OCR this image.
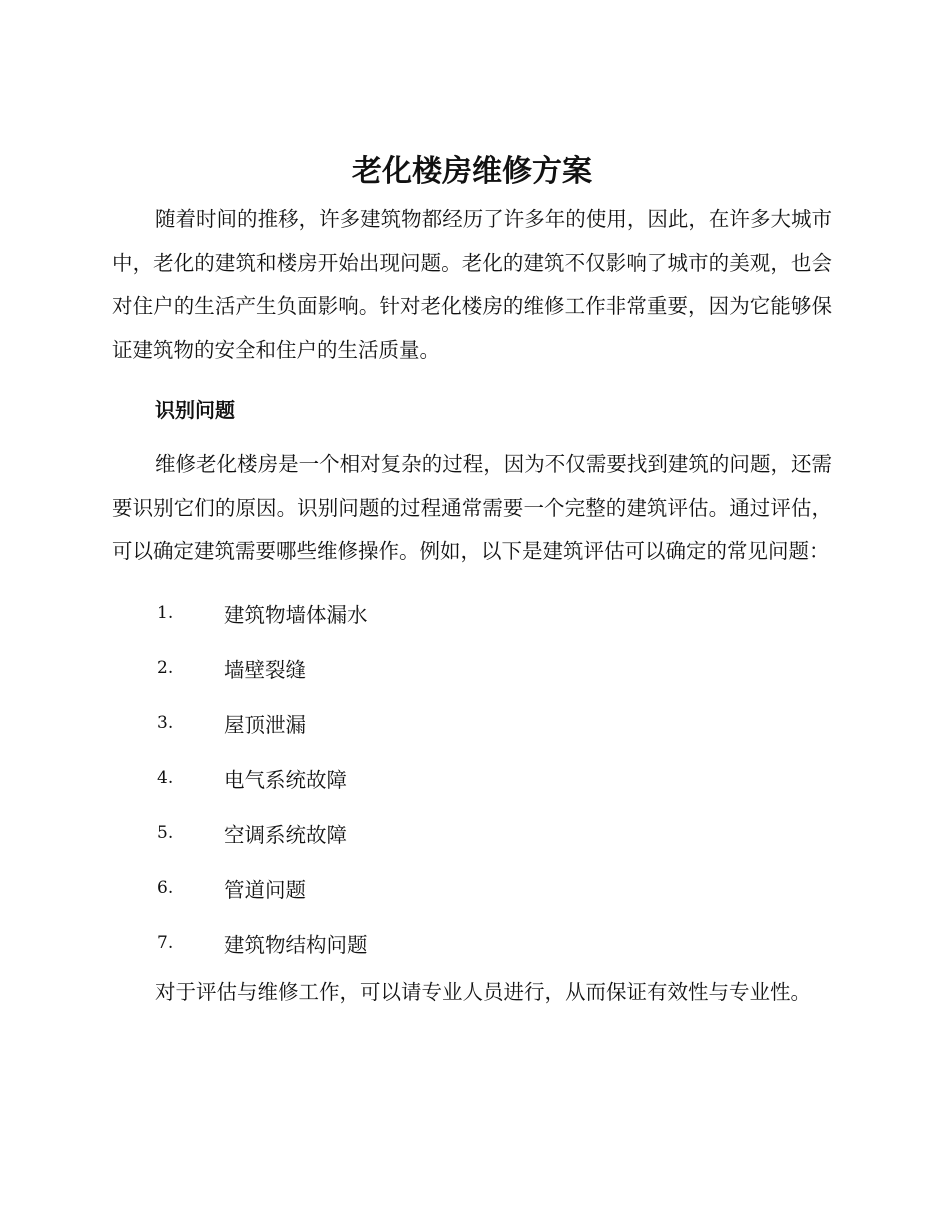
老化楼房维修方案

随着时间的推移，许多建筑物都经历了许多年的使用，因此，在许多大城市中，老化的建筑和楼房开始出现问题。老化的建筑不仅影响了城市的美观，也会对住户的生活产生负面影响。针对老化楼房的维修工作非常重要，因为它能够保证建筑物的安全和住户的生活质量。

识别问题

维修老化楼房是一个相对复杂的过程，因为不仅需要找到建筑的问题，还需要识别它们的原因。识别问题的过程通常需要一个完整的建筑评估。通过评估，可以确定建筑需要哪些维修操作。例如，以下是建筑评估可以确定的常见问题：

1.	建筑物墙体漏水
2.	墙壁裂缝
3.	屋顶泄漏
4.	电气系统故障
5.	空调系统故障
6.	管道问题
7.	建筑物结构问题

对于评估与维修工作，可以请专业人员进行，从而保证有效性与专业性。
